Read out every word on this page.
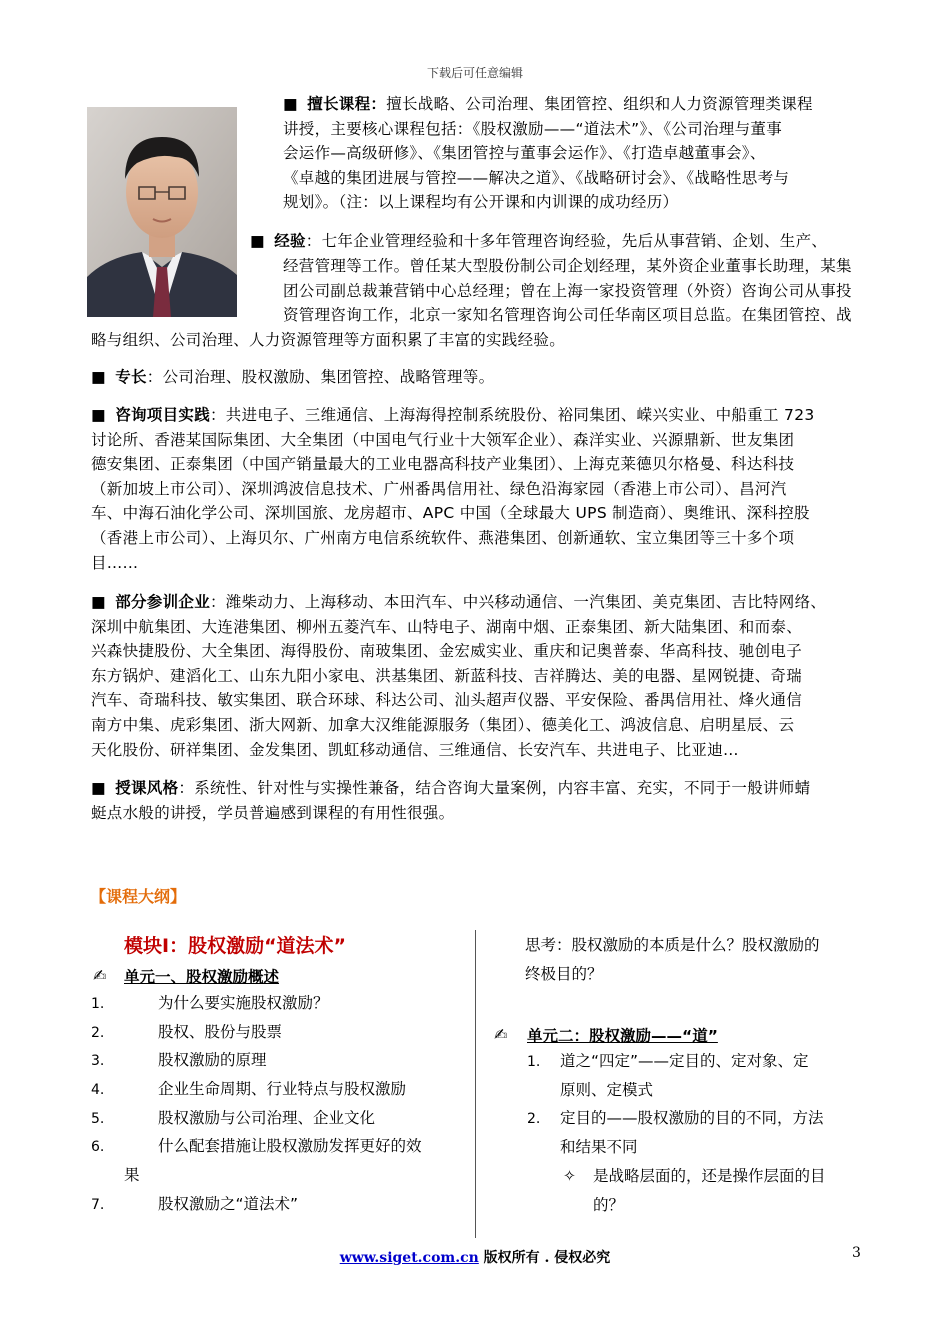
下载后可任意编辑
■ 擅长课程：擅长战略、公司治理、集团管控、组织和人力资源管理类课程
讲授，主要核心课程包括：《股权激励——“道法术”》、《公司治理与董事
会运作—高级研修》、《集团管控与董事会运作》、《打造卓越董事会》、
《卓越的集团进展与管控——解决之道》、《战略研讨会》、《战略性思考与
规划》。（注：以上课程均有公开课和内训课的成功经历）
■ 经验：七年企业管理经验和十多年管理咨询经验，先后从事营销、企划、生产、
经营管理等工作。曾任某大型股份制公司企划经理，某外资企业董事长助理，某集
团公司副总裁兼营销中心总经理；曾在上海一家投资管理（外资）咨询公司从事投
资管理咨询工作，北京一家知名管理咨询公司任华南区项目总监。在集团管控、战
略与组织、公司治理、人力资源管理等方面积累了丰富的实践经验。
■ 专长：公司治理、股权激励、集团管控、战略管理等。
■ 咨询项目实践：共进电子、三维通信、上海海得控制系统股份、裕同集团、嵘兴实业、中船重工 723
讨论所、香港某国际集团、大全集团（中国电气行业十大领军企业）、森洋实业、兴源鼎新、世友集团
德安集团、正泰集团（中国产销量最大的工业电器高科技产业集团）、上海克莱德贝尔格曼、科达科技
（新加坡上市公司）、深圳鸿波信息技术、广州番禺信用社、绿色沿海家园（香港上市公司）、昌河汽
车、中海石油化学公司、深圳国旅、龙房超市、APC 中国（全球最大 UPS 制造商）、奥维讯、深科控股
（香港上市公司）、上海贝尔、广州南方电信系统软件、燕港集团、创新通软、宝立集团等三十多个项
目…...
■ 部分参训企业：潍柴动力、上海移动、本田汽车、中兴移动通信、一汽集团、美克集团、吉比特网络、
深圳中航集团、大连港集团、柳州五菱汽车、山特电子、湖南中烟、正泰集团、新大陆集团、和而泰、
兴森快捷股份、大全集团、海得股份、南玻集团、金宏威实业、重庆和记奥普泰、华高科技、驰创电子
东方锅炉、建滔化工、山东九阳小家电、洪基集团、新蓝科技、吉祥腾达、美的电器、星网锐捷、奇瑞
汽车、奇瑞科技、敏实集团、联合环球、科达公司、汕头超声仪器、平安保险、番禺信用社、烽火通信
南方中集、虎彩集团、浙大网新、加拿大汉维能源服务（集团）、德美化工、鸿波信息、启明星辰、云
天化股份、研祥集团、金发集团、凯虹移动通信、三维通信、长安汽车、共进电子、比亚迪…
■ 授课风格：系统性、针对性与实操性兼备，结合咨询大量案例，内容丰富、充实，不同于一般讲师蜻
蜓点水般的讲授，学员普遍感到课程的有用性很强。
【课程大纲】
模块Ⅰ：股权激励“道法术”
✍ 单元一、股权激励概述
1.	为什么要实施股权激励？
2.	股权、股份与股票
3.	股权激励的原理
4.	企业生命周期、行业特点与股权激励
5.	股权激励与公司治理、企业文化
6.	什么配套措施让股权激励发挥更好的效
果
7.	股权激励之“道法术”
思考：股权激励的本质是什么？股权激励的
终极目的？
✍ 单元二：股权激励——“道”
1. 道之“四定”——定目的、定对象、定
原则、定模式
2. 定目的——股权激励的目的不同，方法
和结果不同
✧ 是战略层面的，还是操作层面的目
的？
www.siget.com.cn 版权所有 . 侵权必究	3
